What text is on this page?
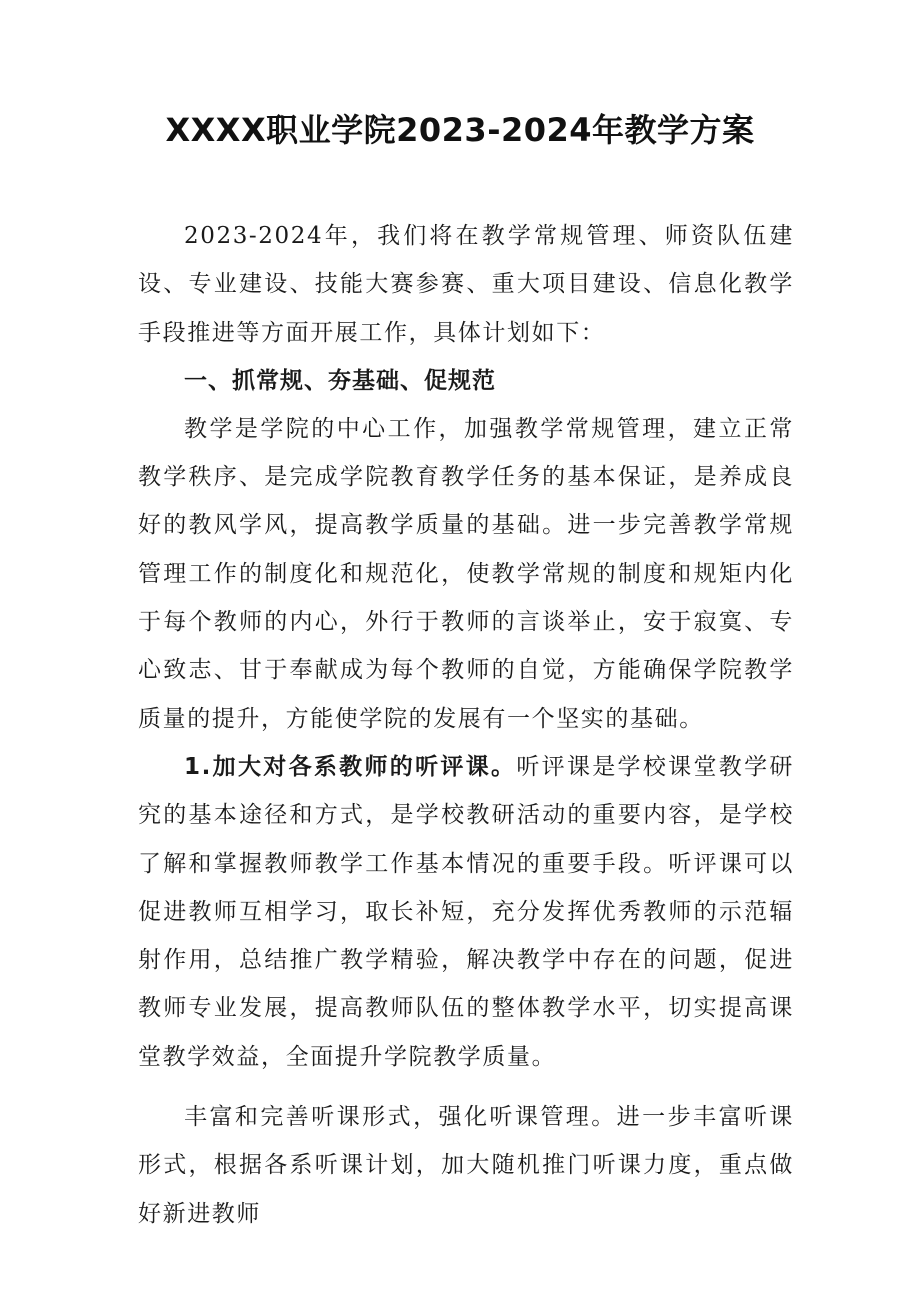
XXXX职业学院2023-2024年教学方案

2023-2024年，我们将在教学常规管理、师资队伍建设、专业建设、技能大赛参赛、重大项目建设、信息化教学手段推进等方面开展工作，具体计划如下：

一、抓常规、夯基础、促规范

教学是学院的中心工作，加强教学常规管理，建立正常教学秩序、是完成学院教育教学任务的基本保证，是养成良好的教风学风，提高教学质量的基础。进一步完善教学常规管理工作的制度化和规范化，使教学常规的制度和规矩内化于每个教师的内心，外行于教师的言谈举止，安于寂寞、专心致志、甘于奉献成为每个教师的自觉，方能确保学院教学质量的提升，方能使学院的发展有一个坚实的基础。

1.加大对各系教师的听评课。听评课是学校课堂教学研究的基本途径和方式，是学校教研活动的重要内容，是学校了解和掌握教师教学工作基本情况的重要手段。听评课可以促进教师互相学习，取长补短，充分发挥优秀教师的示范辐射作用，总结推广教学精验，解决教学中存在的问题，促进教师专业发展，提高教师队伍的整体教学水平，切实提高课堂教学效益，全面提升学院教学质量。

丰富和完善听课形式，强化听课管理。进一步丰富听课形式，根据各系听课计划，加大随机推门听课力度，重点做好新进教师
